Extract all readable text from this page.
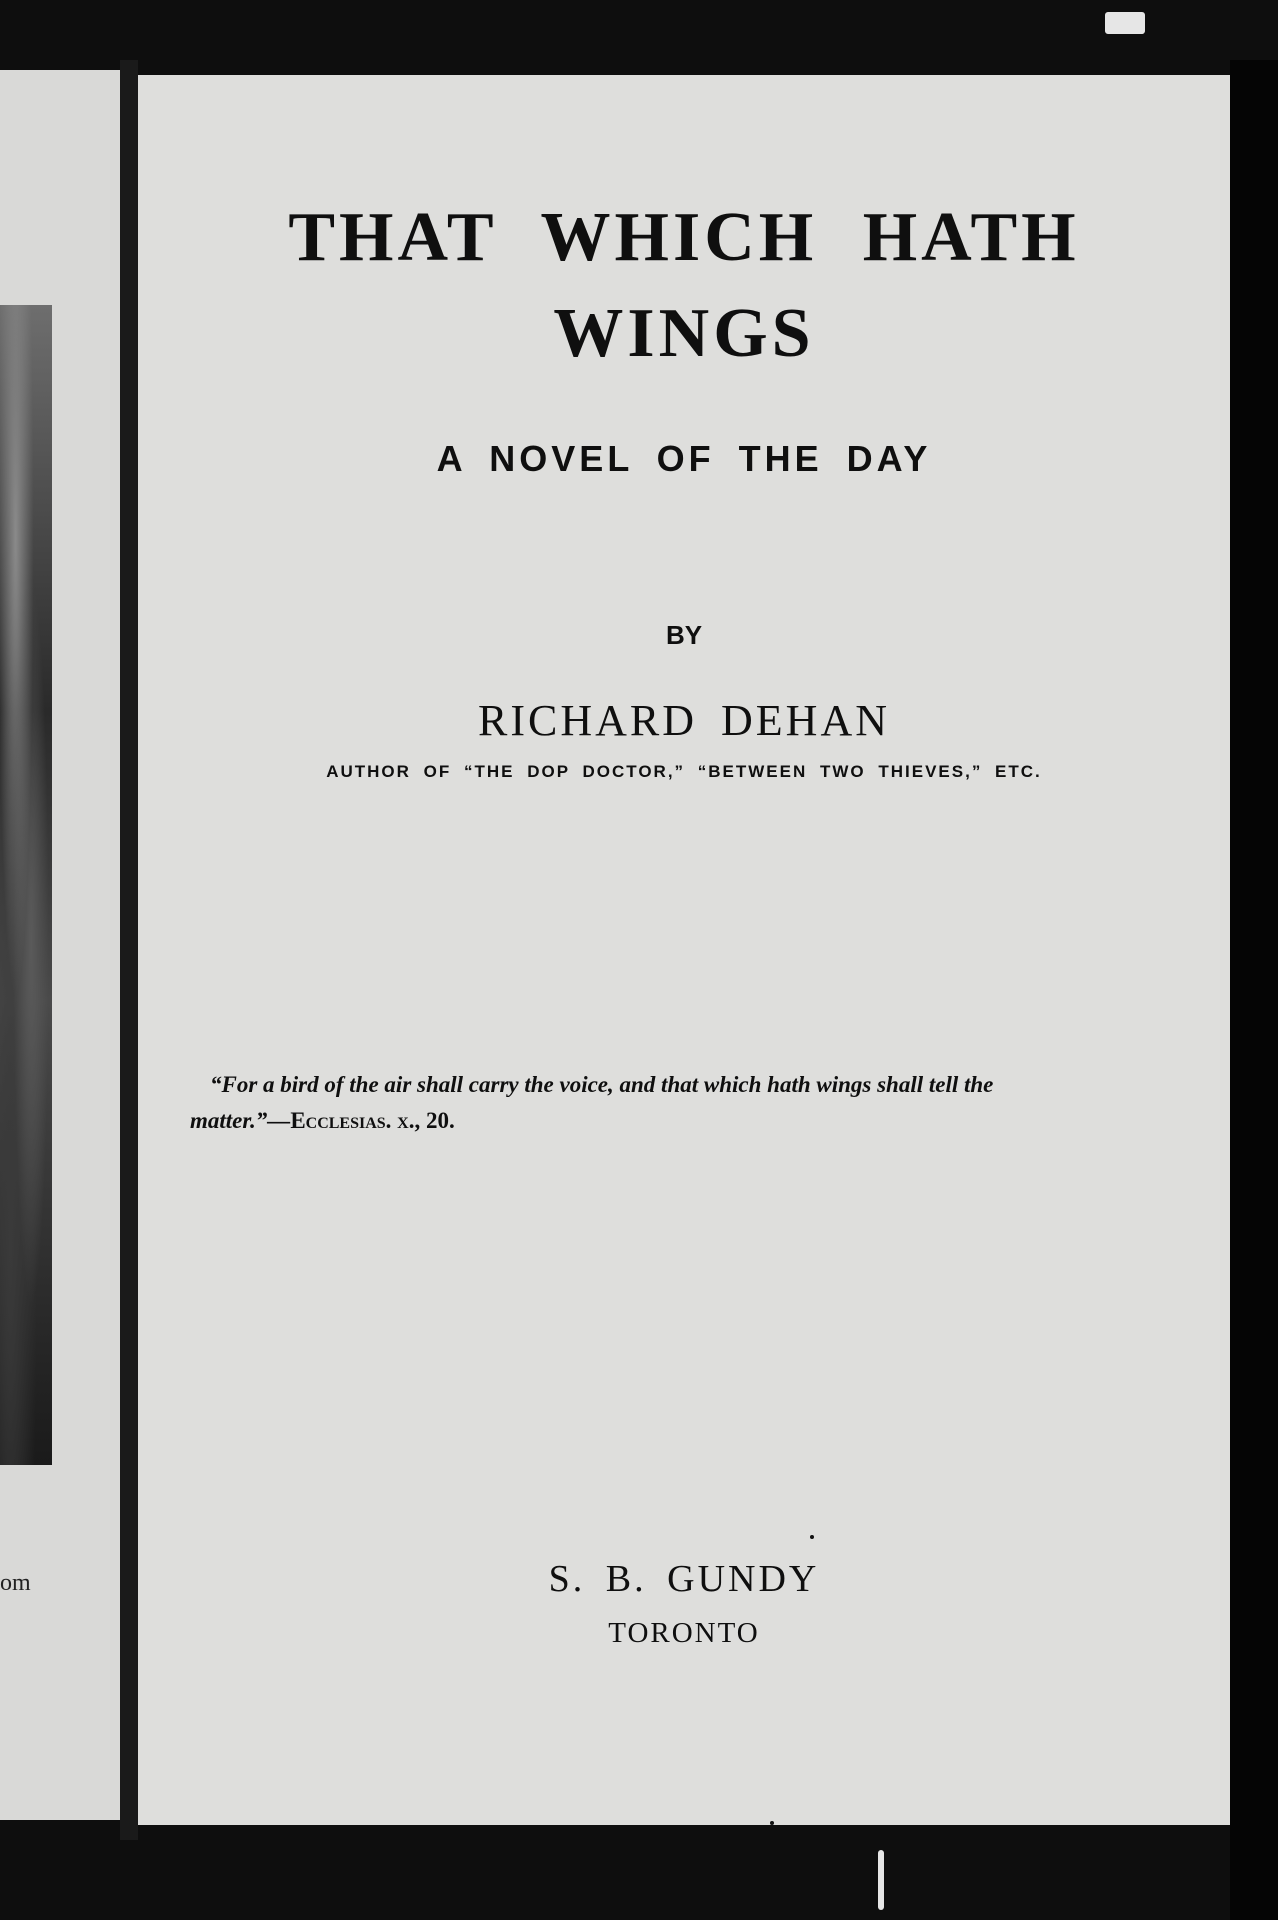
om
THAT WHICH HATH
WINGS

A NOVEL OF THE DAY

BY

RICHARD DEHAN

AUTHOR OF “THE DOP DOCTOR,” “BETWEEN TWO THIEVES,” ETC.

“For a bird of the air shall carry the voice, and that which hath wings shall tell the matter.”—Ecclesias. x., 20.

S. B. GUNDY

TORONTO
